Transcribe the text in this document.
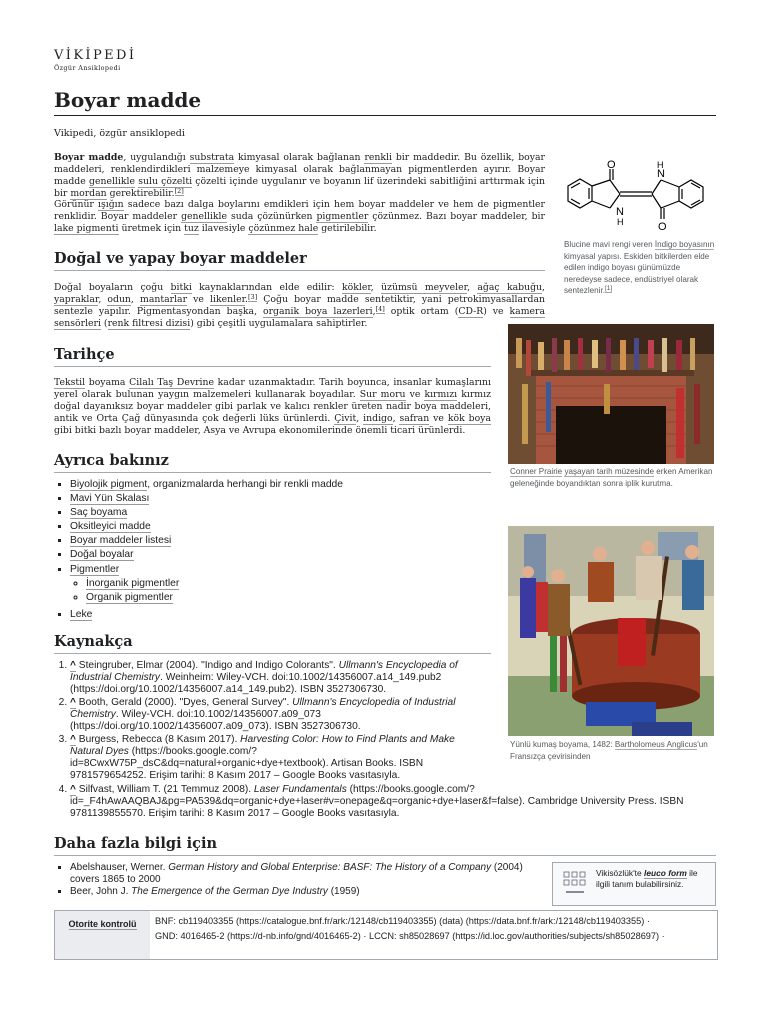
VİKİPEDİ
Özgür Ansiklopedi
Boyar madde
Vikipedi, özgür ansiklopedi
Boyar madde, uygulandığı substrata kimyasal olarak bağlanan renkli bir maddedir. Bu özellik, boyar maddeleri, renklendirdikleri malzemeye kimyasal olarak bağlanmayan pigmentlerden ayırır. Boyar madde genellikle sulu çözelti çözelti içinde uygulanır ve boyanın lif üzerindeki sabitliğini arttırmak için bir mordan gerektirebilir.[2]
Görünür ışığın sadece bazı dalga boylarını emdikleri için hem boyar maddeler ve hem de pigmentler renklidir. Boyar maddeler genellikle suda çözünürken pigmentler çözünmez. Bazı boyar maddeler, bir lake pigmenti üretmek için tuz ilavesiyle çözünmez hale getirilebilir.
O
O
N
H
N
H
Blucine mavi rengi veren İndigo boyasının kimyasal yapısı. Eskiden bitkilerden elde edilen indigo boyası günümüzde neredeyse sadece, endüstriyel olarak sentezlenir.[1]
Doğal ve yapay boyar maddeler
Doğal boyaların çoğu bitki kaynaklarından elde edilir: kökler, üzümsü meyveler, ağaç kabuğu, yapraklar, odun, mantarlar ve likenler.[3] Çoğu boyar madde sentetiktir, yani petrokimyasallardan sentezle yapılır. Pigmentasyondan başka, organik boya lazerleri,[4] optik ortam (CD-R) ve kamera sensörleri (renk filtresi dizisi) gibi çeşitli uygulamalara sahiptirler.
Conner Prairie yaşayan tarih müzesinde erken Amerikan geleneğinde boyandıktan sonra iplik kurutma.
Tarihçe
Tekstil boyama Cilalı Taş Devrine kadar uzanmaktadır. Tarih boyunca, insanlar kumaşlarını yerel olarak bulunan yaygın malzemeleri kullanarak boyadılar. Sur moru ve kırmızı kırmız doğal dayanıksız boyar maddeler gibi parlak ve kalıcı renkler üreten nadir boya maddeleri, antik ve Orta Çağ dünyasında çok değerli lüks ürünlerdi. Çivit, indigo, safran ve kök boya gibi bitki bazlı boyar maddeler, Asya ve Avrupa ekonomilerinde önemli ticari ürünlerdi.
Yünlü kumaş boyama, 1482: Bartholomeus Anglicus'un Fransızça çevirisinden
Ayrıca bakınız
▪ Biyolojik pigment, organizmalarda herhangi bir renkli madde
▪ Mavi Yün Skalası
▪ Saç boyama
▪ Oksitleyici madde
▪ Boyar maddeler listesi
▪ Doğal boyalar
▪ Pigmentler
◦ İnorganik pigmentler
◦ Organik pigmentler
▪ Leke
Kaynakça
1. ^ Steingruber, Elmar (2004). "Indigo and Indigo Colorants". Ullmann's Encyclopedia of Industrial Chemistry. Weinheim: Wiley-VCH. doi:10.1002/14356007.a14_149.pub2 (https://doi.org/10.1002/14356007.a14_149.pub2). ISBN 3527306730.
2. ^ Booth, Gerald (2000). "Dyes, General Survey". Ullmann's Encyclopedia of Industrial Chemistry. Wiley-VCH. doi:10.1002/14356007.a09_073 (https://doi.org/10.1002/14356007.a09_073). ISBN 3527306730.
3. ^ Burgess, Rebecca (8 Kasım 2017). Harvesting Color: How to Find Plants and Make Natural Dyes (https://books.google.com/?id=8CwxW75P_dsC&dq=natural+organic+dye+textbook). Artisan Books. ISBN 9781579654252. Erişim tarihi: 8 Kasım 2017 – Google Books vasıtasıyla.
4. ^ Silfvast, William T. (21 Temmuz 2008). Laser Fundamentals (https://books.google.com/?id=_F4hAwAAQBAJ&pg=PA539&dq=organic+dye+laser#v=onepage&q=organic+dye+laser&f=false). Cambridge University Press. ISBN 9781139855570. Erişim tarihi: 8 Kasım 2017 – Google Books vasıtasıyla.
Daha fazla bilgi için
▪ Abelshauser, Werner. German History and Global Enterprise: BASF: The History of a Company (2004) covers 1865 to 2000
▪ Beer, John J. The Emergence of the German Dye Industry (1959)
Vikisözlük'te leuco form ile ilgili tanım bulabilirsiniz.
Otorite kontrolü	BNF: cb119403355 (https://catalogue.bnf.fr/ark:/12148/cb119403355) (data) (https://data.bnf.fr/ark:/12148/cb119403355) ·
GND: 4016465-2 (https://d-nb.info/gnd/4016465-2) · LCCN: sh85028697 (https://id.loc.gov/authorities/subjects/sh85028697) ·
